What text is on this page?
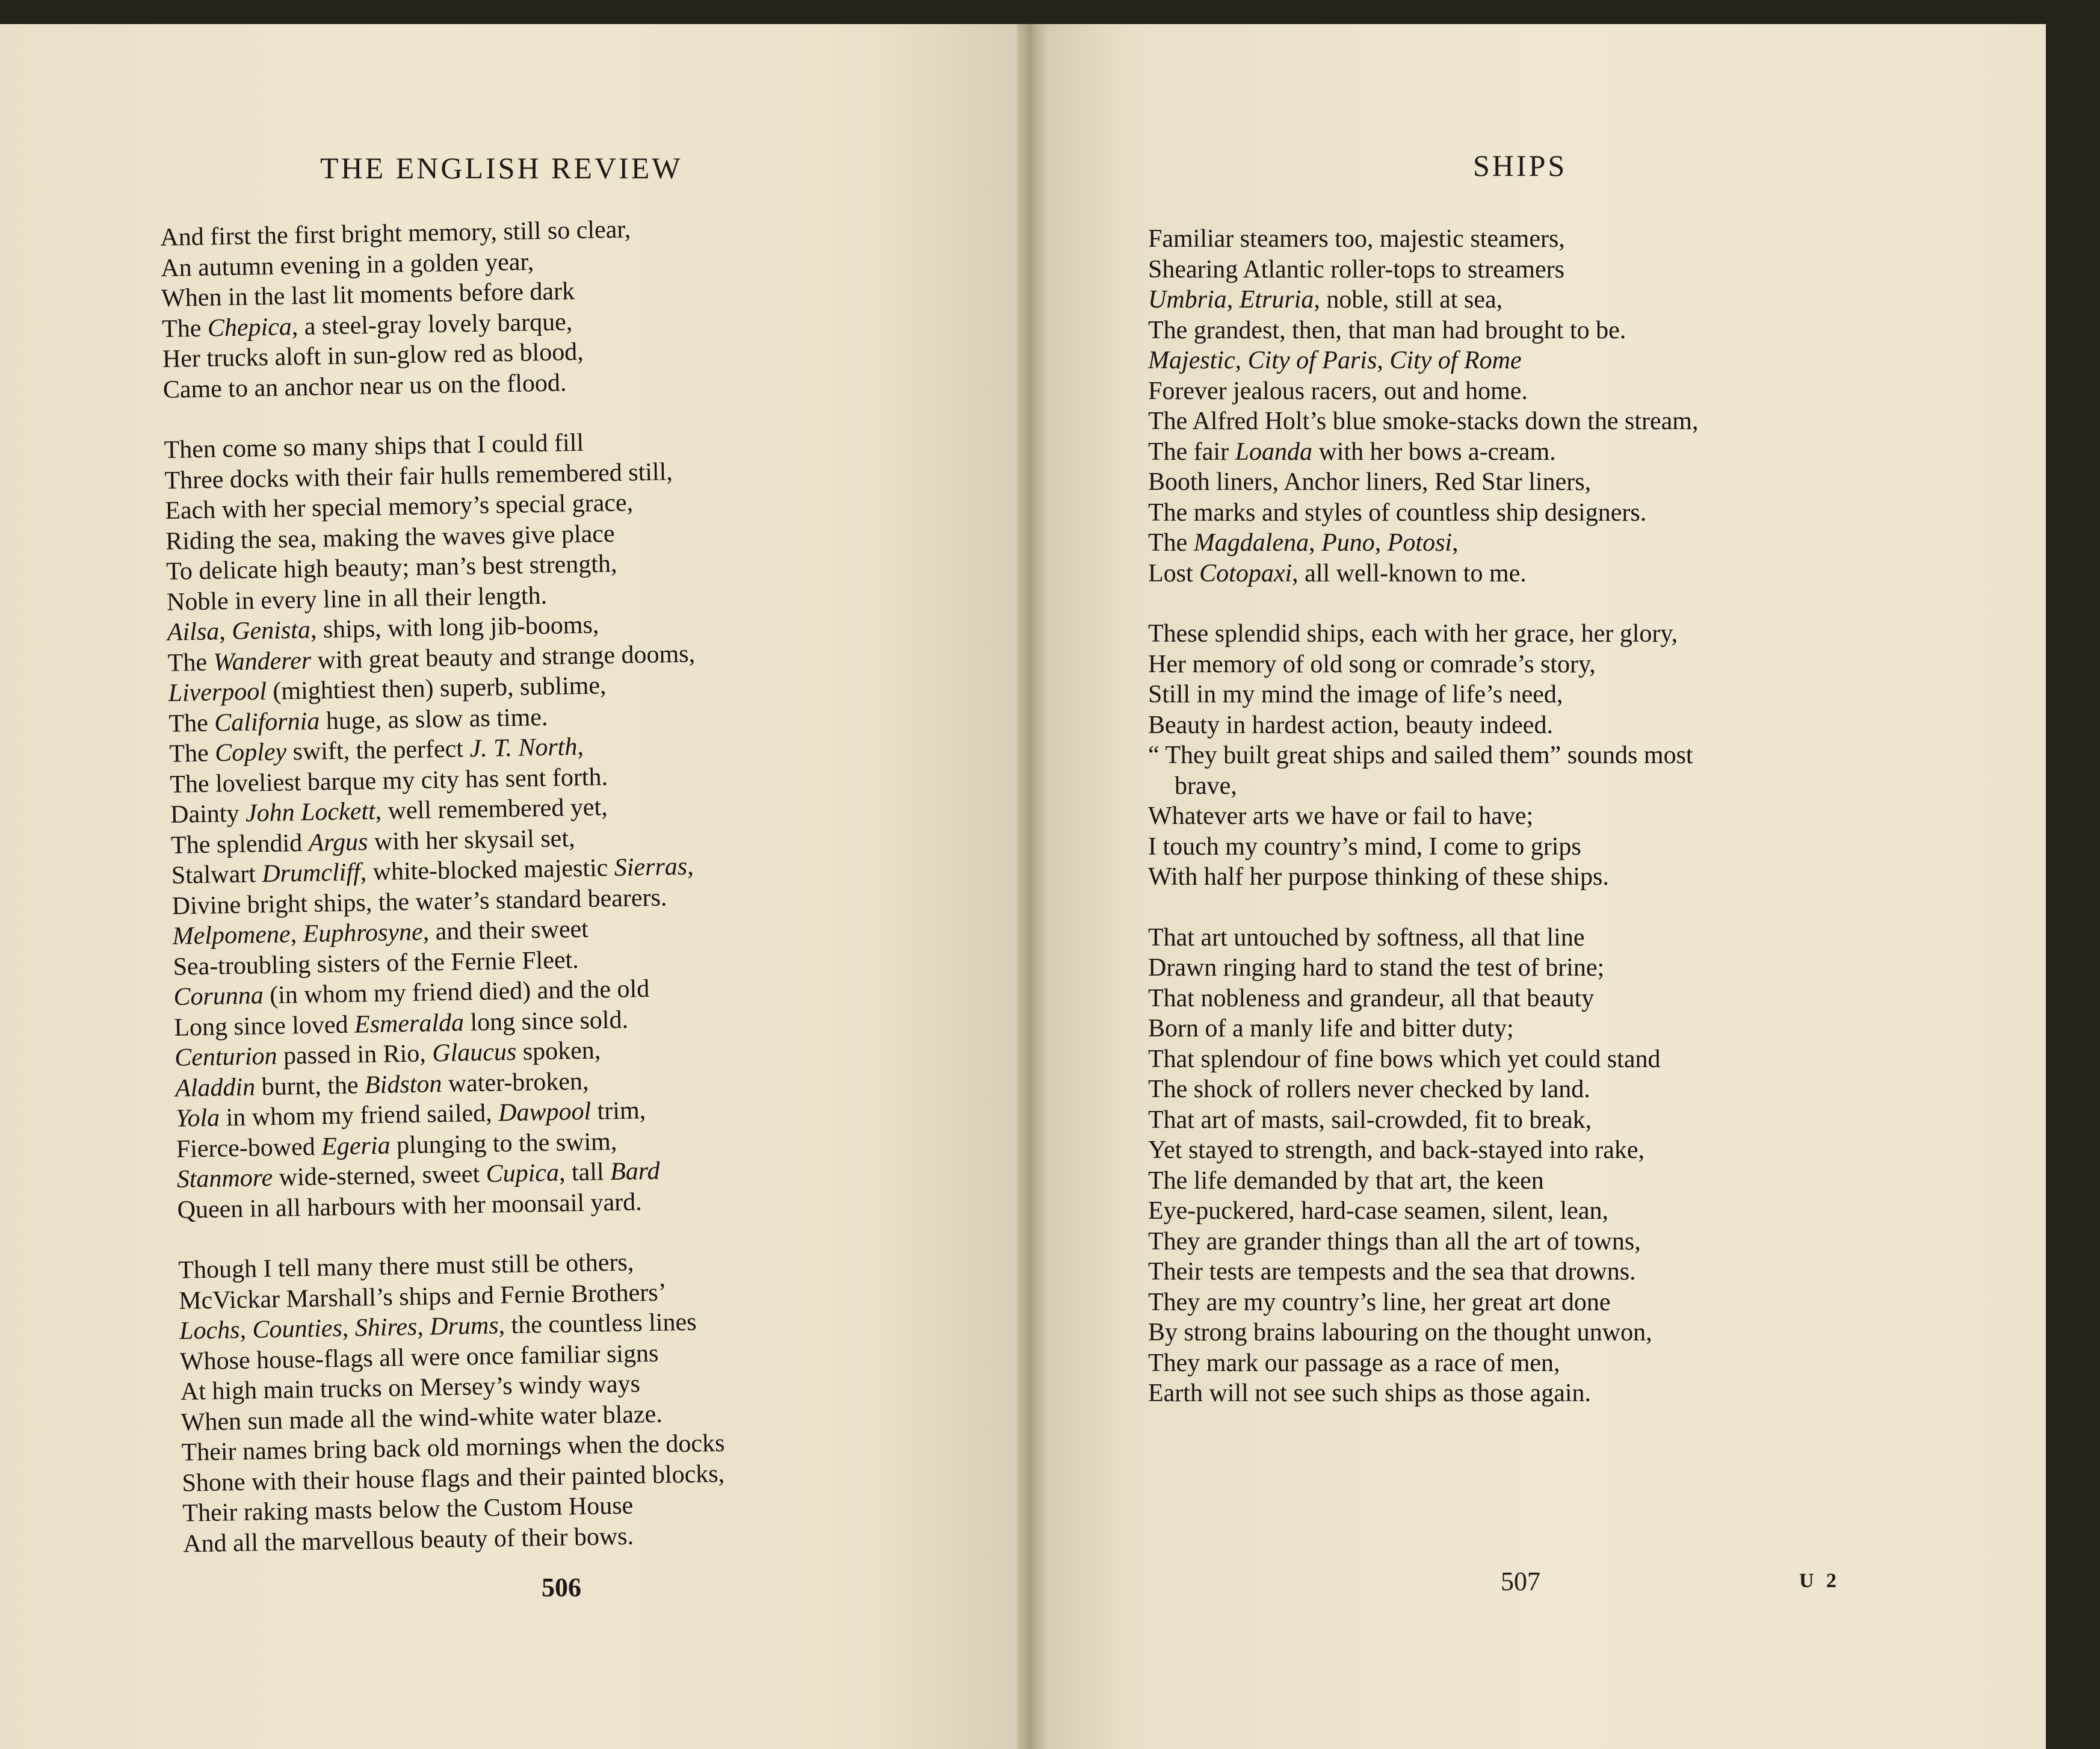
THE ENGLISH REVIEW
And first the first bright memory, still so clear,
An autumn evening in a golden year,
When in the last lit moments before dark
The Chepica, a steel-gray lovely barque,
Her trucks aloft in sun-glow red as blood,
Came to an anchor near us on the flood.
Then come so many ships that I could fill
Three docks with their fair hulls remembered still,
Each with her special memory’s special grace,
Riding the sea, making the waves give place
To delicate high beauty; man’s best strength,
Noble in every line in all their length.
Ailsa, Genista, ships, with long jib-booms,
The Wanderer with great beauty and strange dooms,
Liverpool (mightiest then) superb, sublime,
The California huge, as slow as time.
The Copley swift, the perfect J. T. North,
The loveliest barque my city has sent forth.
Dainty John Lockett, well remembered yet,
The splendid Argus with her skysail set,
Stalwart Drumcliff, white-blocked majestic Sierras,
Divine bright ships, the water’s standard bearers.
Melpomene, Euphrosyne, and their sweet
Sea-troubling sisters of the Fernie Fleet.
Corunna (in whom my friend died) and the old
Long since loved Esmeralda long since sold.
Centurion passed in Rio, Glaucus spoken,
Aladdin burnt, the Bidston water-broken,
Yola in whom my friend sailed, Dawpool trim,
Fierce-bowed Egeria plunging to the swim,
Stanmore wide-sterned, sweet Cupica, tall Bard
Queen in all harbours with her moonsail yard.
Though I tell many there must still be others,
McVickar Marshall’s ships and Fernie Brothers’
Lochs, Counties, Shires, Drums, the countless lines
Whose house-flags all were once familiar signs
At high main trucks on Mersey’s windy ways
When sun made all the wind-white water blaze.
Their names bring back old mornings when the docks
Shone with their house flags and their painted blocks,
Their raking masts below the Custom House
And all the marvellous beauty of their bows.
506
SHIPS
Familiar steamers too, majestic steamers,
Shearing Atlantic roller-tops to streamers
Umbria, Etruria, noble, still at sea,
The grandest, then, that man had brought to be.
Majestic, City of Paris, City of Rome
Forever jealous racers, out and home.
The Alfred Holt’s blue smoke-stacks down the stream,
The fair Loanda with her bows a-cream.
Booth liners, Anchor liners, Red Star liners,
The marks and styles of countless ship designers.
The Magdalena, Puno, Potosi,
Lost Cotopaxi, all well-known to me.
These splendid ships, each with her grace, her glory,
Her memory of old song or comrade’s story,
Still in my mind the image of life’s need,
Beauty in hardest action, beauty indeed.
“ They built great ships and sailed them” sounds most
brave,
Whatever arts we have or fail to have;
I touch my country’s mind, I come to grips
With half her purpose thinking of these ships.
That art untouched by softness, all that line
Drawn ringing hard to stand the test of brine;
That nobleness and grandeur, all that beauty
Born of a manly life and bitter duty;
That splendour of fine bows which yet could stand
The shock of rollers never checked by land.
That art of masts, sail-crowded, fit to break,
Yet stayed to strength, and back-stayed into rake,
The life demanded by that art, the keen
Eye-puckered, hard-case seamen, silent, lean,
They are grander things than all the art of towns,
Their tests are tempests and the sea that drowns.
They are my country’s line, her great art done
By strong brains labouring on the thought unwon,
They mark our passage as a race of men,
Earth will not see such ships as those again.
507	U 2
